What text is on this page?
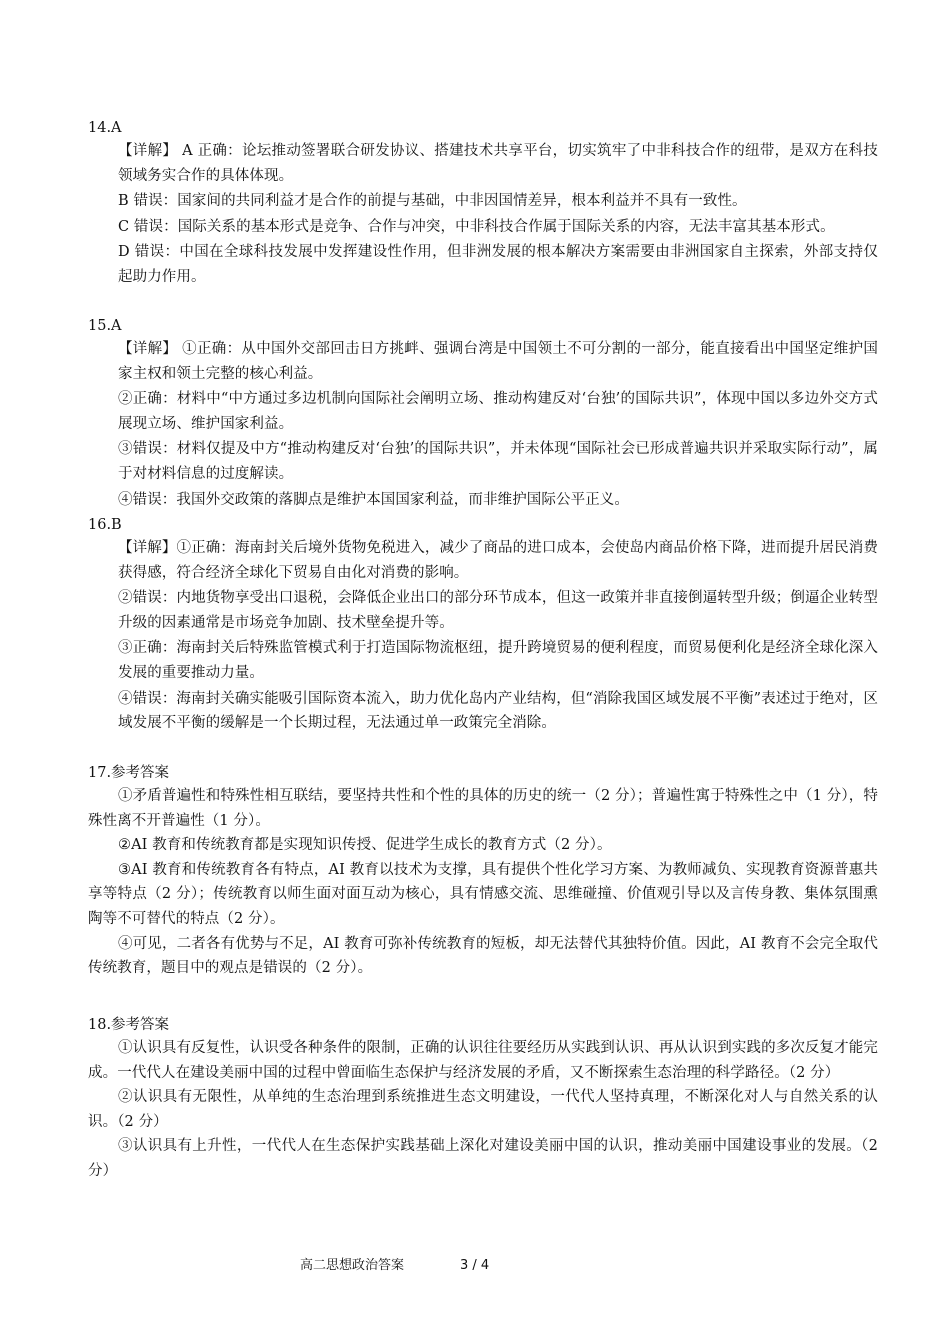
14.A
【详解】 A 正确：论坛推动签署联合研发协议、搭建技术共享平台，切实筑牢了中非科技合作的纽带，是双方在科技领域务实合作的具体体现。
B 错误：国家间的共同利益才是合作的前提与基础，中非因国情差异，根本利益并不具有一致性。
C 错误：国际关系的基本形式是竞争、合作与冲突，中非科技合作属于国际关系的内容，无法丰富其基本形式。
D 错误：中国在全球科技发展中发挥建设性作用，但非洲发展的根本解决方案需要由非洲国家自主探索，外部支持仅起助力作用。
15.A
【详解】 ①正确：从中国外交部回击日方挑衅、强调台湾是中国领土不可分割的一部分，能直接看出中国坚定维护国家主权和领土完整的核心利益。
②正确：材料中“中方通过多边机制向国际社会阐明立场、推动构建反对‘台独’的国际共识”，体现中国以多边外交方式展现立场、维护国家利益。
③错误：材料仅提及中方“推动构建反对‘台独’的国际共识”，并未体现“国际社会已形成普遍共识并采取实际行动”，属于对材料信息的过度解读。
④错误：我国外交政策的落脚点是维护本国国家利益，而非维护国际公平正义。
16.B
【详解】①正确：海南封关后境外货物免税进入，减少了商品的进口成本，会使岛内商品价格下降，进而提升居民消费获得感，符合经济全球化下贸易自由化对消费的影响。
②错误：内地货物享受出口退税，会降低企业出口的部分环节成本，但这一政策并非直接倒逼转型升级；倒逼企业转型升级的因素通常是市场竞争加剧、技术壁垒提升等。
③正确：海南封关后特殊监管模式利于打造国际物流枢纽，提升跨境贸易的便利程度，而贸易便利化是经济全球化深入发展的重要推动力量。
④错误：海南封关确实能吸引国际资本流入，助力优化岛内产业结构，但“消除我国区域发展不平衡”表述过于绝对，区域发展不平衡的缓解是一个长期过程，无法通过单一政策完全消除。
17.参考答案
①矛盾普遍性和特殊性相互联结，要坚持共性和个性的具体的历史的统一（2 分）；普遍性寓于特殊性之中（1 分），特殊性离不开普遍性（1 分）。
②AI 教育和传统教育都是实现知识传授、促进学生成长的教育方式（2 分）。
③AI 教育和传统教育各有特点，AI 教育以技术为支撑，具有提供个性化学习方案、为教师减负、实现教育资源普惠共享等特点（2 分）；传统教育以师生面对面互动为核心，具有情感交流、思维碰撞、价值观引导以及言传身教、集体氛围熏陶等不可替代的特点（2 分）。
④可见，二者各有优势与不足，AI 教育可弥补传统教育的短板，却无法替代其独特价值。因此，AI 教育不会完全取代传统教育，题目中的观点是错误的（2 分）。
18.参考答案
①认识具有反复性，认识受各种条件的限制，正确的认识往往要经历从实践到认识、再从认识到实践的多次反复才能完成。一代代人在建设美丽中国的过程中曾面临生态保护与经济发展的矛盾，又不断探索生态治理的科学路径。（2 分）
②认识具有无限性，从单纯的生态治理到系统推进生态文明建设，一代代人坚持真理，不断深化对人与自然关系的认识。（2 分）
③认识具有上升性，一代代人在生态保护实践基础上深化对建设美丽中国的认识，推动美丽中国建设事业的发展。（2 分）
高二思想政治答案	3 / 4
